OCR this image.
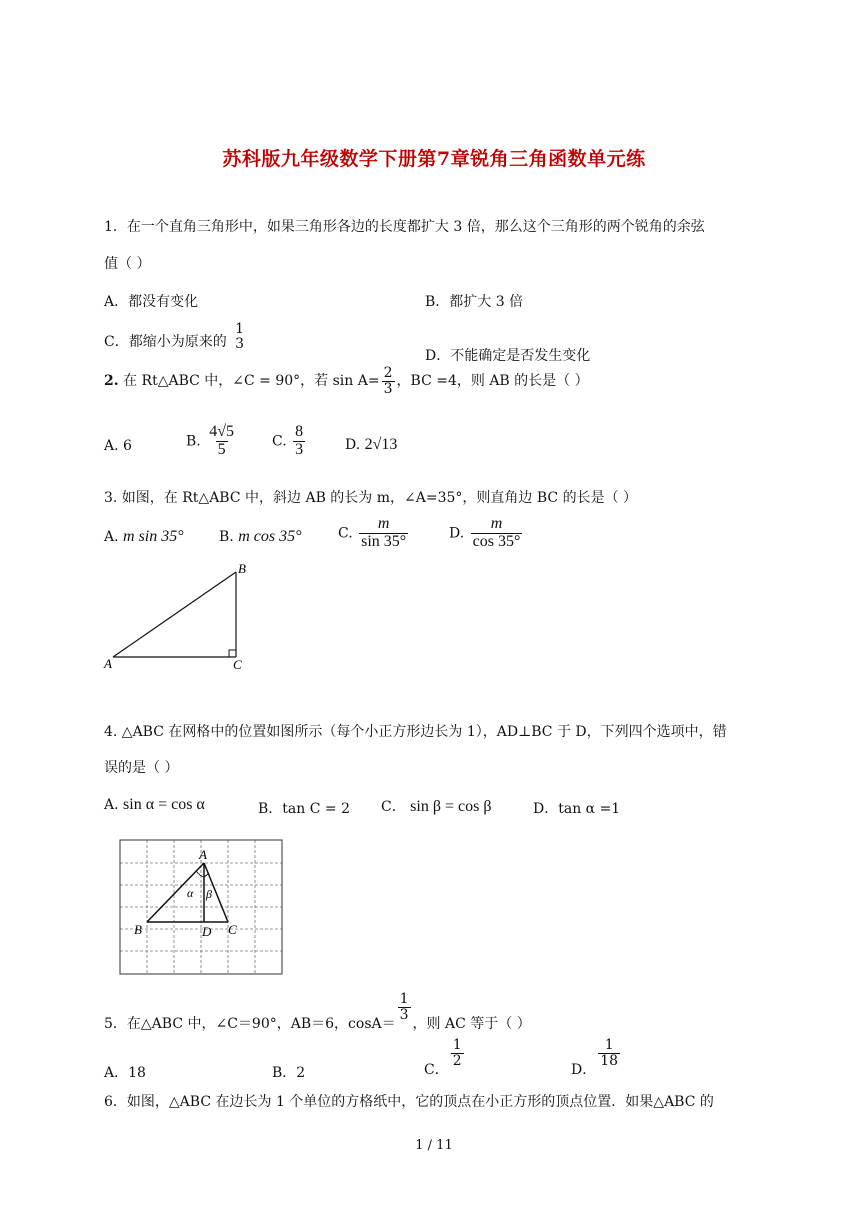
苏科版九年级数学下册第7章锐角三角函数单元练
1．在一个直角三角形中，如果三角形各边的长度都扩大 3 倍，那么这个三角形的两个锐角的余弦
值（ ）
A．都没有变化	B．都扩大 3 倍
C．都缩小为原来的
1
3
D．不能确定是否发生变化
2. 在 Rt△ABC 中，∠C = 90°，若 $\sin A= \frac{2}{3}$ ，BC =4，则 AB 的长是（ ）
A. 6	B. $\frac{4√5}{5}$	C. $\frac{8}{3}$	D. 2√13
3. 如图，在 Rt△ABC 中，斜边 AB 的长为 m，∠A=35°，则直角边 BC 的长是（ ）
A. m sin 35°	B. m cos 35°	C. $\frac{m}{\sin 35^\circ}$	D. $\frac{m}{\cos 35^\circ}$
A
B
C
4. △ABC 在网格中的位置如图所示（每个小正方形边长为 1），AD⊥BC 于 D，下列四个选项中，错
误的是（ ）
A. sin α = cos α	B．tan C = 2 C． sin β = cos β	D．tan α =1
A
B	D C
α β
5．在△ABC 中，∠C＝90°，AB＝6，cosA＝
$\frac{1}{3}$
，则 AC 等于（ ）
A．18	B．2	C．
$\frac{1}{2}$
D．
$\frac{1}{18}$
6．如图，△ABC 在边长为 1 个单位的方格纸中，它的顶点在小正方形的顶点位置．如果△ABC 的
1 / 11
